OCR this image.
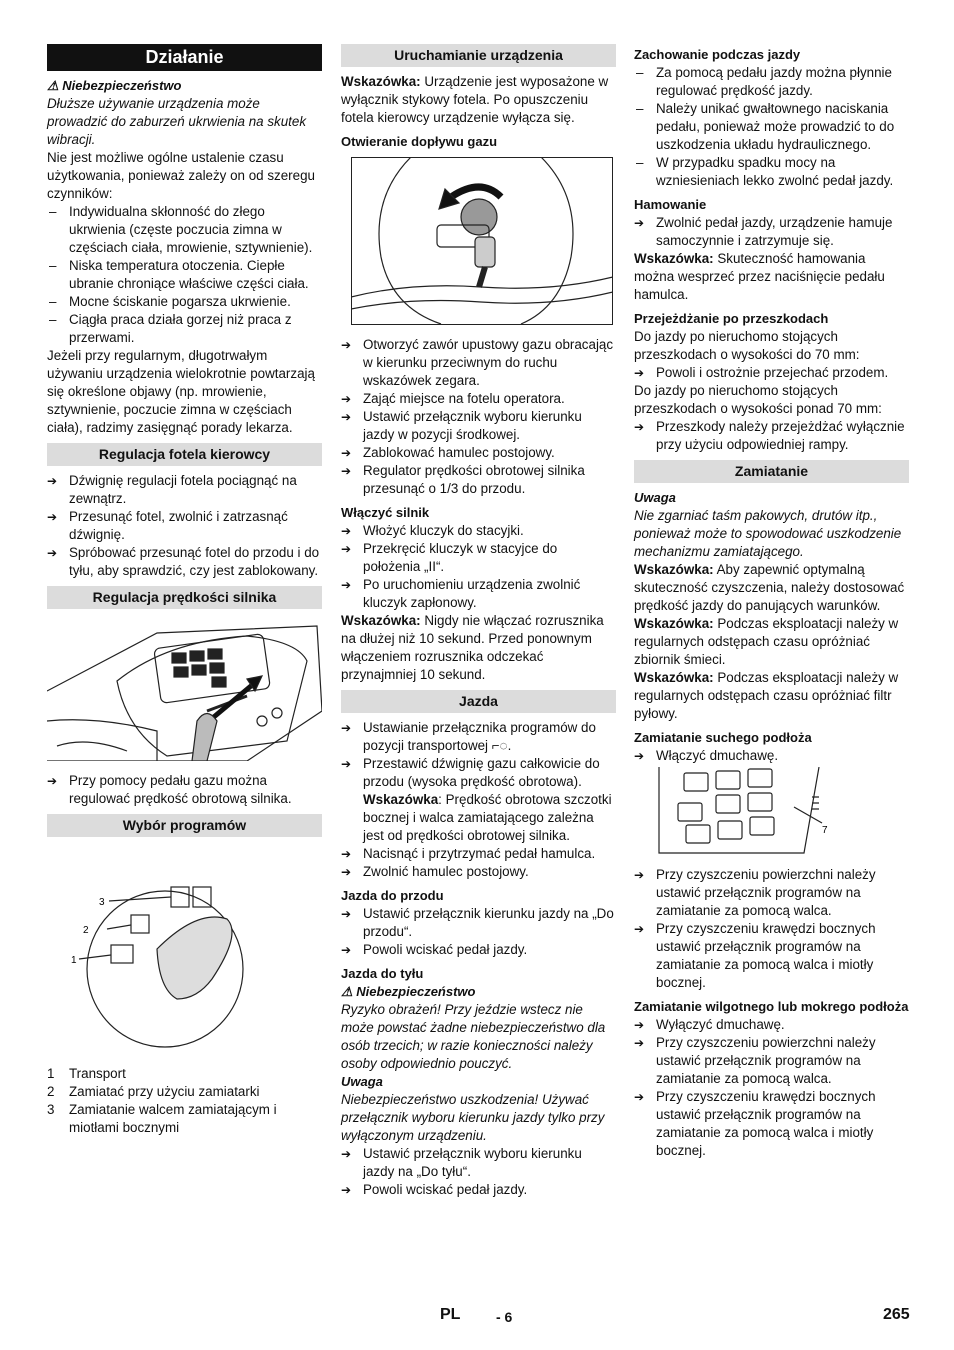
Działanie

⚠ Niebezpieczeństwo

Dłuższe używanie urządzenia może prowadzić do zaburzeń ukrwienia na skutek wibracji.

Nie jest możliwe ogólne ustalenie czasu użytkowania, ponieważ zależy on od szeregu czynników:

– Indywidualna skłonność do złego ukrwienia (częste poczucia zimna w częściach ciała, mrowienie, sztywnienie).
– Niska temperatura otoczenia. Ciepłe ubranie chroniące właściwe części ciała.
– Mocne ściskanie pogarsza ukrwienie.
– Ciągła praca działa gorzej niż praca z przerwami.

Jeżeli przy regularnym, długotrwałym używaniu urządzenia wielokrotnie powtarzają się określone objawy (np. mrowienie, sztywnienie, poczucie zimna w częściach ciała), radzimy zasięgnąć porady lekarza.

Regulacja fotela kierowcy
➔ Dźwignię regulacji fotela pociągnąć na zewnątrz.
➔ Przesunąć fotel, zwolnić i zatrzasnąć dźwignię.
➔ Spróbować przesunąć fotel do przodu i do tyłu, aby sprawdzić, czy jest zablokowany.
Regulacja prędkości silnika
➔ Przy pomocy pedału gazu można regulować prędkość obrotową silnika.
Wybór programów
3
2
1
1 Transport
2 Zamiatać przy użyciu zamiatarki
3 Zamiatanie walcem zamiatającym i miotłami bocznymi
Uruchamianie urządzenia

Wskazówka: Urządzenie jest wyposażone w wyłącznik stykowy fotela. Po opuszczeniu fotela kierowcy urządzenie wyłącza się.

Otwieranie dopływu gazu

➔ Otworzyć zawór upustowy gazu obracając w kierunku przeciwnym do ruchu wskazówek zegara.
➔ Zająć miejsce na fotelu operatora.
➔ Ustawić przełącznik wyboru kierunku jazdy w pozycji środkowej.
➔ Zablokować hamulec postojowy.
➔ Regulator prędkości obrotowej silnika przesunąć o 1/3 do przodu.

Włączyć silnik

➔ Włożyć kluczyk do stacyjki.
➔ Przekręcić kluczyk w stacyjce do położenia „II“.
➔ Po uruchomieniu urządzenia zwolnić kluczyk zapłonowy.

Wskazówka: Nigdy nie włączać rozrusznika na dłużej niż 10 sekund. Przed ponownym włączeniem rozrusznika odczekać przynajmniej 10 sekund.

Jazda
➔ Ustawianie przełącznika programów do pozycji transportowej ⌐◌.
➔ Przestawić dźwignię gazu całkowicie do przodu (wysoka prędkość obrotowa).

Wskazówka: Prędkość obrotowa szczotki bocznej i walca zamiatającego zależna jest od prędkości obrotowej silnika.

➔ Nacisnąć i przytrzymać pedał hamulca.
➔ Zwolnić hamulec postojowy.

Jazda do przodu

➔ Ustawić przełącznik kierunku jazdy na „Do przodu“.
➔ Powoli wciskać pedał jazdy.

Jazda do tyłu

⚠ Niebezpieczeństwo

Ryzyko obrażeń! Przy jeździe wstecz nie może powstać żadne niebezpieczeństwo dla osób trzecich; w razie konieczności należy osoby odpowiednio pouczyć.

Uwaga

Niebezpieczeństwo uszkodzenia! Używać przełącznik wyboru kierunku jazdy tylko przy wyłączonym urządzeniu.

➔ Ustawić przełącznik wyboru kierunku jazdy na „Do tyłu“.
➔ Powoli wciskać pedał jazdy.

Zachowanie podczas jazdy

– Za pomocą pedału jazdy można płynnie regulować prędkość jazdy.
– Należy unikać gwałtownego naciskania pedału, ponieważ może prowadzić to do uszkodzenia układu hydraulicznego.
– W przypadku spadku mocy na wzniesieniach lekko zwolnć pedał jazdy.

Hamowanie

➔ Zwolnić pedał jazdy, urządzenie hamuje samoczynnie i zatrzymuje się.

Wskazówka: Skuteczność hamowania można wesprzeć przez naciśnięcie pedału hamulca.

Przejeżdżanie po przeszkodach

Do jazdy po nieruchomo stojących przeszkodach o wysokości do 70 mm:

➔ Powoli i ostrożnie przejechać przodem.

Do jazdy po nieruchomo stojących przeszkodach o wysokości ponad 70 mm:

➔ Przeszkody należy przejeżdżać wyłącznie przy użyciu odpowiedniej rampy.
Zamiatanie

Uwaga

Nie zgarniać taśm pakowych, drutów itp., ponieważ może to spowodować uszkodzenie mechanizmu zamiatającego.

Wskazówka: Aby zapewnić optymalną skuteczność czyszczenia, należy dostosować prędkość jazdy do panujących warunków.

Wskazówka: Podczas eksploatacji należy w regularnych odstępach czasu opróżniać zbiornik śmieci.

Wskazówka: Podczas eksploatacji należy w regularnych odstępach czasu opróżniać filtr pyłowy.

Zamiatanie suchego podłoża

➔ Włączyć dmuchawę.
7
➔ Przy czyszczeniu powierzchni należy ustawić przełącznik programów na zamiatanie za pomocą walca.
➔ Przy czyszczeniu krawędzi bocznych ustawić przełącznik programów na zamiatanie za pomocą walca i miotły bocznej.

Zamiatanie wilgotnego lub mokrego podłoża

➔ Wyłączyć dmuchawę.
➔ Przy czyszczeniu powierzchni należy ustawić przełącznik programów na zamiatanie za pomocą walca.
➔ Przy czyszczeniu krawędzi bocznych ustawić przełącznik programów na zamiatanie za pomocą walca i miotły bocznej.
PL	- 6	265
